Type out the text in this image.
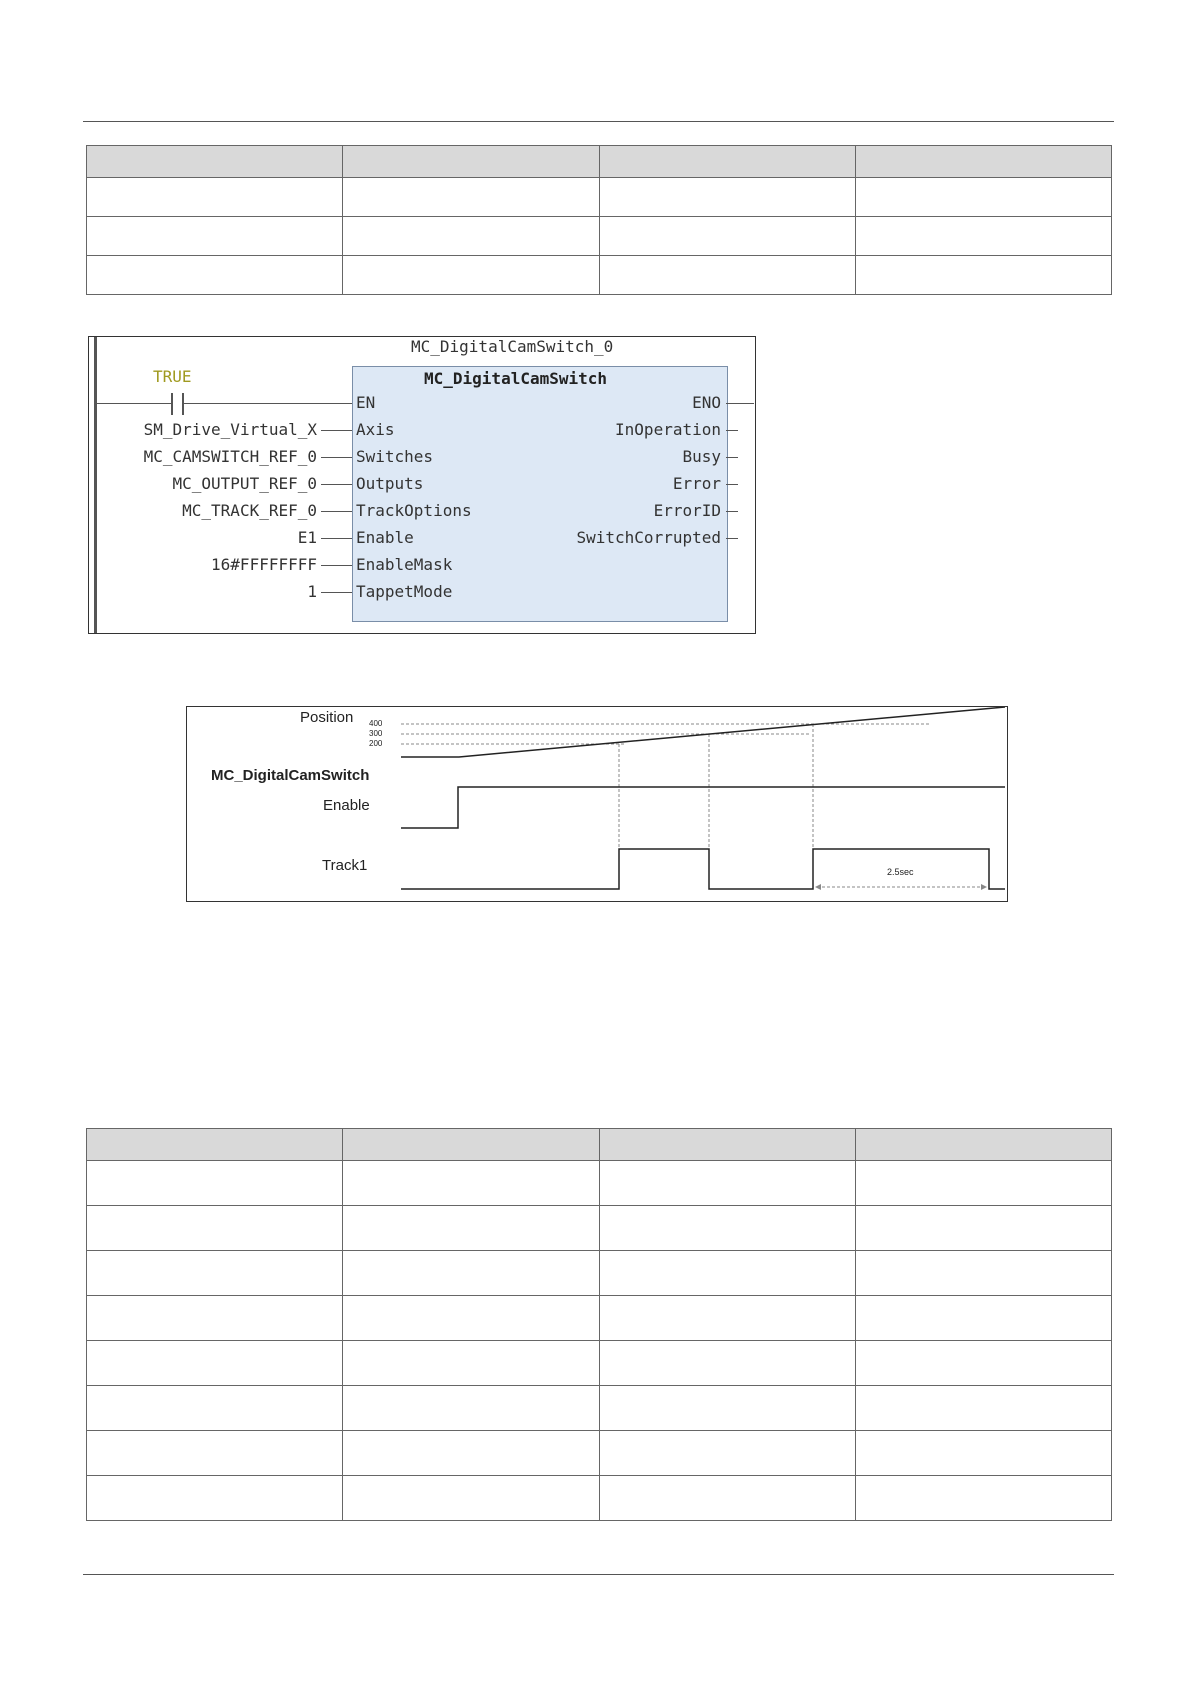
MC_DigitalCamSwitch_0
MC_DigitalCamSwitch
TRUE
EN
SM_Drive_Virtual_X Axis
MC_CAMSWITCH_REF_0 Switches
MC_OUTPUT_REF_0 Outputs
MC_TRACK_REF_0 TrackOptions
E1 Enable
16#FFFFFFFF EnableMask
1 TappetMode
ENO
InOperation
Busy
Error
ErrorID
SwitchCorrupted
Position 400
300
200
MC_DigitalCamSwitch
Enable
Track1	2.5sec
